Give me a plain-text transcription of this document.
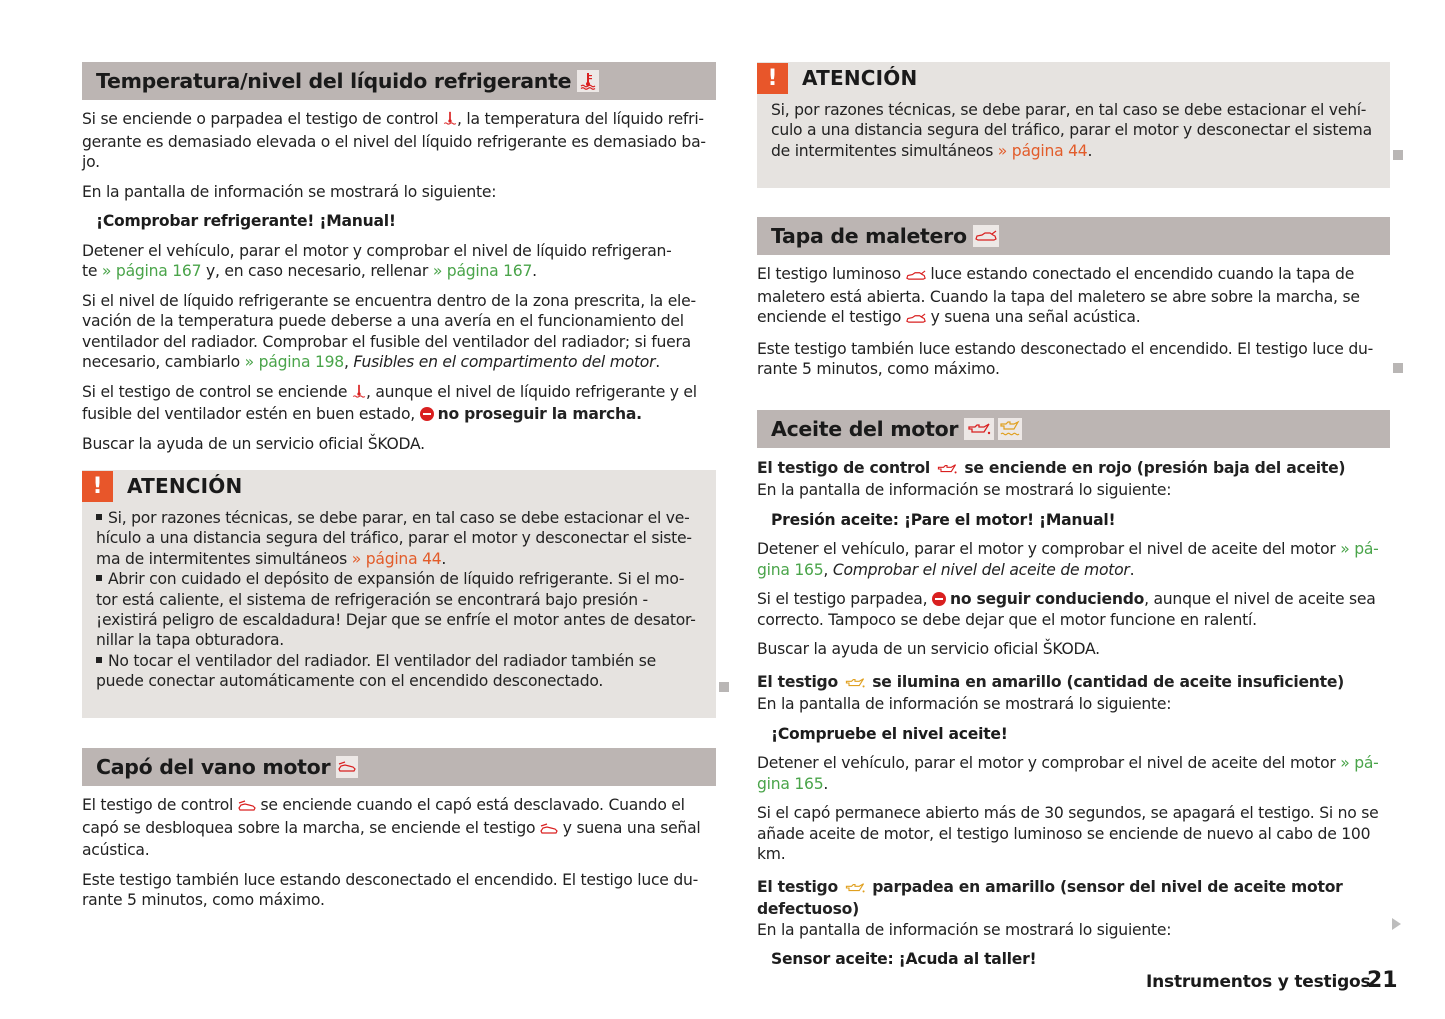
Temperatura/nivel del líquido refrigerante

Si se enciende o parpadea el testigo de control , la temperatura del líquido refri-
gerante es demasiado elevada o el nivel del líquido refrigerante es demasiado ba-
jo.

En la pantalla de información se mostrará lo siguiente:

¡Comprobar refrigerante! ¡Manual!

Detener el vehículo, parar el motor y comprobar el nivel de líquido refrigeran-
te » página 167 y, en caso necesario, rellenar » página 167.

Si el nivel de líquido refrigerante se encuentra dentro de la zona prescrita, la ele-
vación de la temperatura puede deberse a una avería en el funcionamiento del
ventilador del radiador. Comprobar el fusible del ventilador del radiador; si fuera
necesario, cambiarlo » página 198, Fusibles en el compartimento del motor.

Si el testigo de control se enciende , aunque el nivel de líquido refrigerante y el
fusible del ventilador estén en buen estado, no proseguir la marcha.

Buscar la ayuda de un servicio oficial ŠKODA.

!	ATENCIÓN

Si, por razones técnicas, se debe parar, en tal caso se debe estacionar el ve-
hículo a una distancia segura del tráfico, parar el motor y desconectar el siste-
ma de intermitentes simultáneos » página 44.

Abrir con cuidado el depósito de expansión de líquido refrigerante. Si el mo-
tor está caliente, el sistema de refrigeración se encontrará bajo presión -
¡existirá peligro de escaldadura! Dejar que se enfríe el motor antes de desator-
nillar la tapa obturadora.

No tocar el ventilador del radiador. El ventilador del radiador también se
puede conectar automáticamente con el encendido desconectado.

Capó del vano motor

El testigo de control  se enciende cuando el capó está desclavado. Cuando el
capó se desbloquea sobre la marcha, se enciende el testigo  y suena una señal
acústica.

Este testigo también luce estando desconectado el encendido. El testigo luce du-
rante 5 minutos, como máximo.

!	ATENCIÓN

Si, por razones técnicas, se debe parar, en tal caso se debe estacionar el vehí-
culo a una distancia segura del tráfico, parar el motor y desconectar el sistema
de intermitentes simultáneos » página 44.

Tapa de maletero

El testigo luminoso  luce estando conectado el encendido cuando la tapa de
maletero está abierta. Cuando la tapa del maletero se abre sobre la marcha, se
enciende el testigo  y suena una señal acústica.

Este testigo también luce estando desconectado el encendido. El testigo luce du-
rante 5 minutos, como máximo.

Aceite del motor

El testigo de control  se enciende en rojo (presión baja del aceite)

En la pantalla de información se mostrará lo siguiente:

Presión aceite: ¡Pare el motor! ¡Manual!

Detener el vehículo, parar el motor y comprobar el nivel de aceite del motor » pá-
gina 165, Comprobar el nivel del aceite de motor.

Si el testigo parpadea, no seguir conduciendo, aunque el nivel de aceite sea
correcto. Tampoco se debe dejar que el motor funcione en ralentí.

Buscar la ayuda de un servicio oficial ŠKODA.

El testigo  se ilumina en amarillo (cantidad de aceite insuficiente)

En la pantalla de información se mostrará lo siguiente:

¡Compruebe el nivel aceite!

Detener el vehículo, parar el motor y comprobar el nivel de aceite del motor » pá-
gina 165.

Si el capó permanece abierto más de 30 segundos, se apagará el testigo. Si no se
añade aceite de motor, el testigo luminoso se enciende de nuevo al cabo de 100
km.

El testigo  parpadea en amarillo (sensor del nivel de aceite motor defectuoso)

En la pantalla de información se mostrará lo siguiente:

Sensor aceite: ¡Acuda al taller!
Instrumentos y testigos
21
